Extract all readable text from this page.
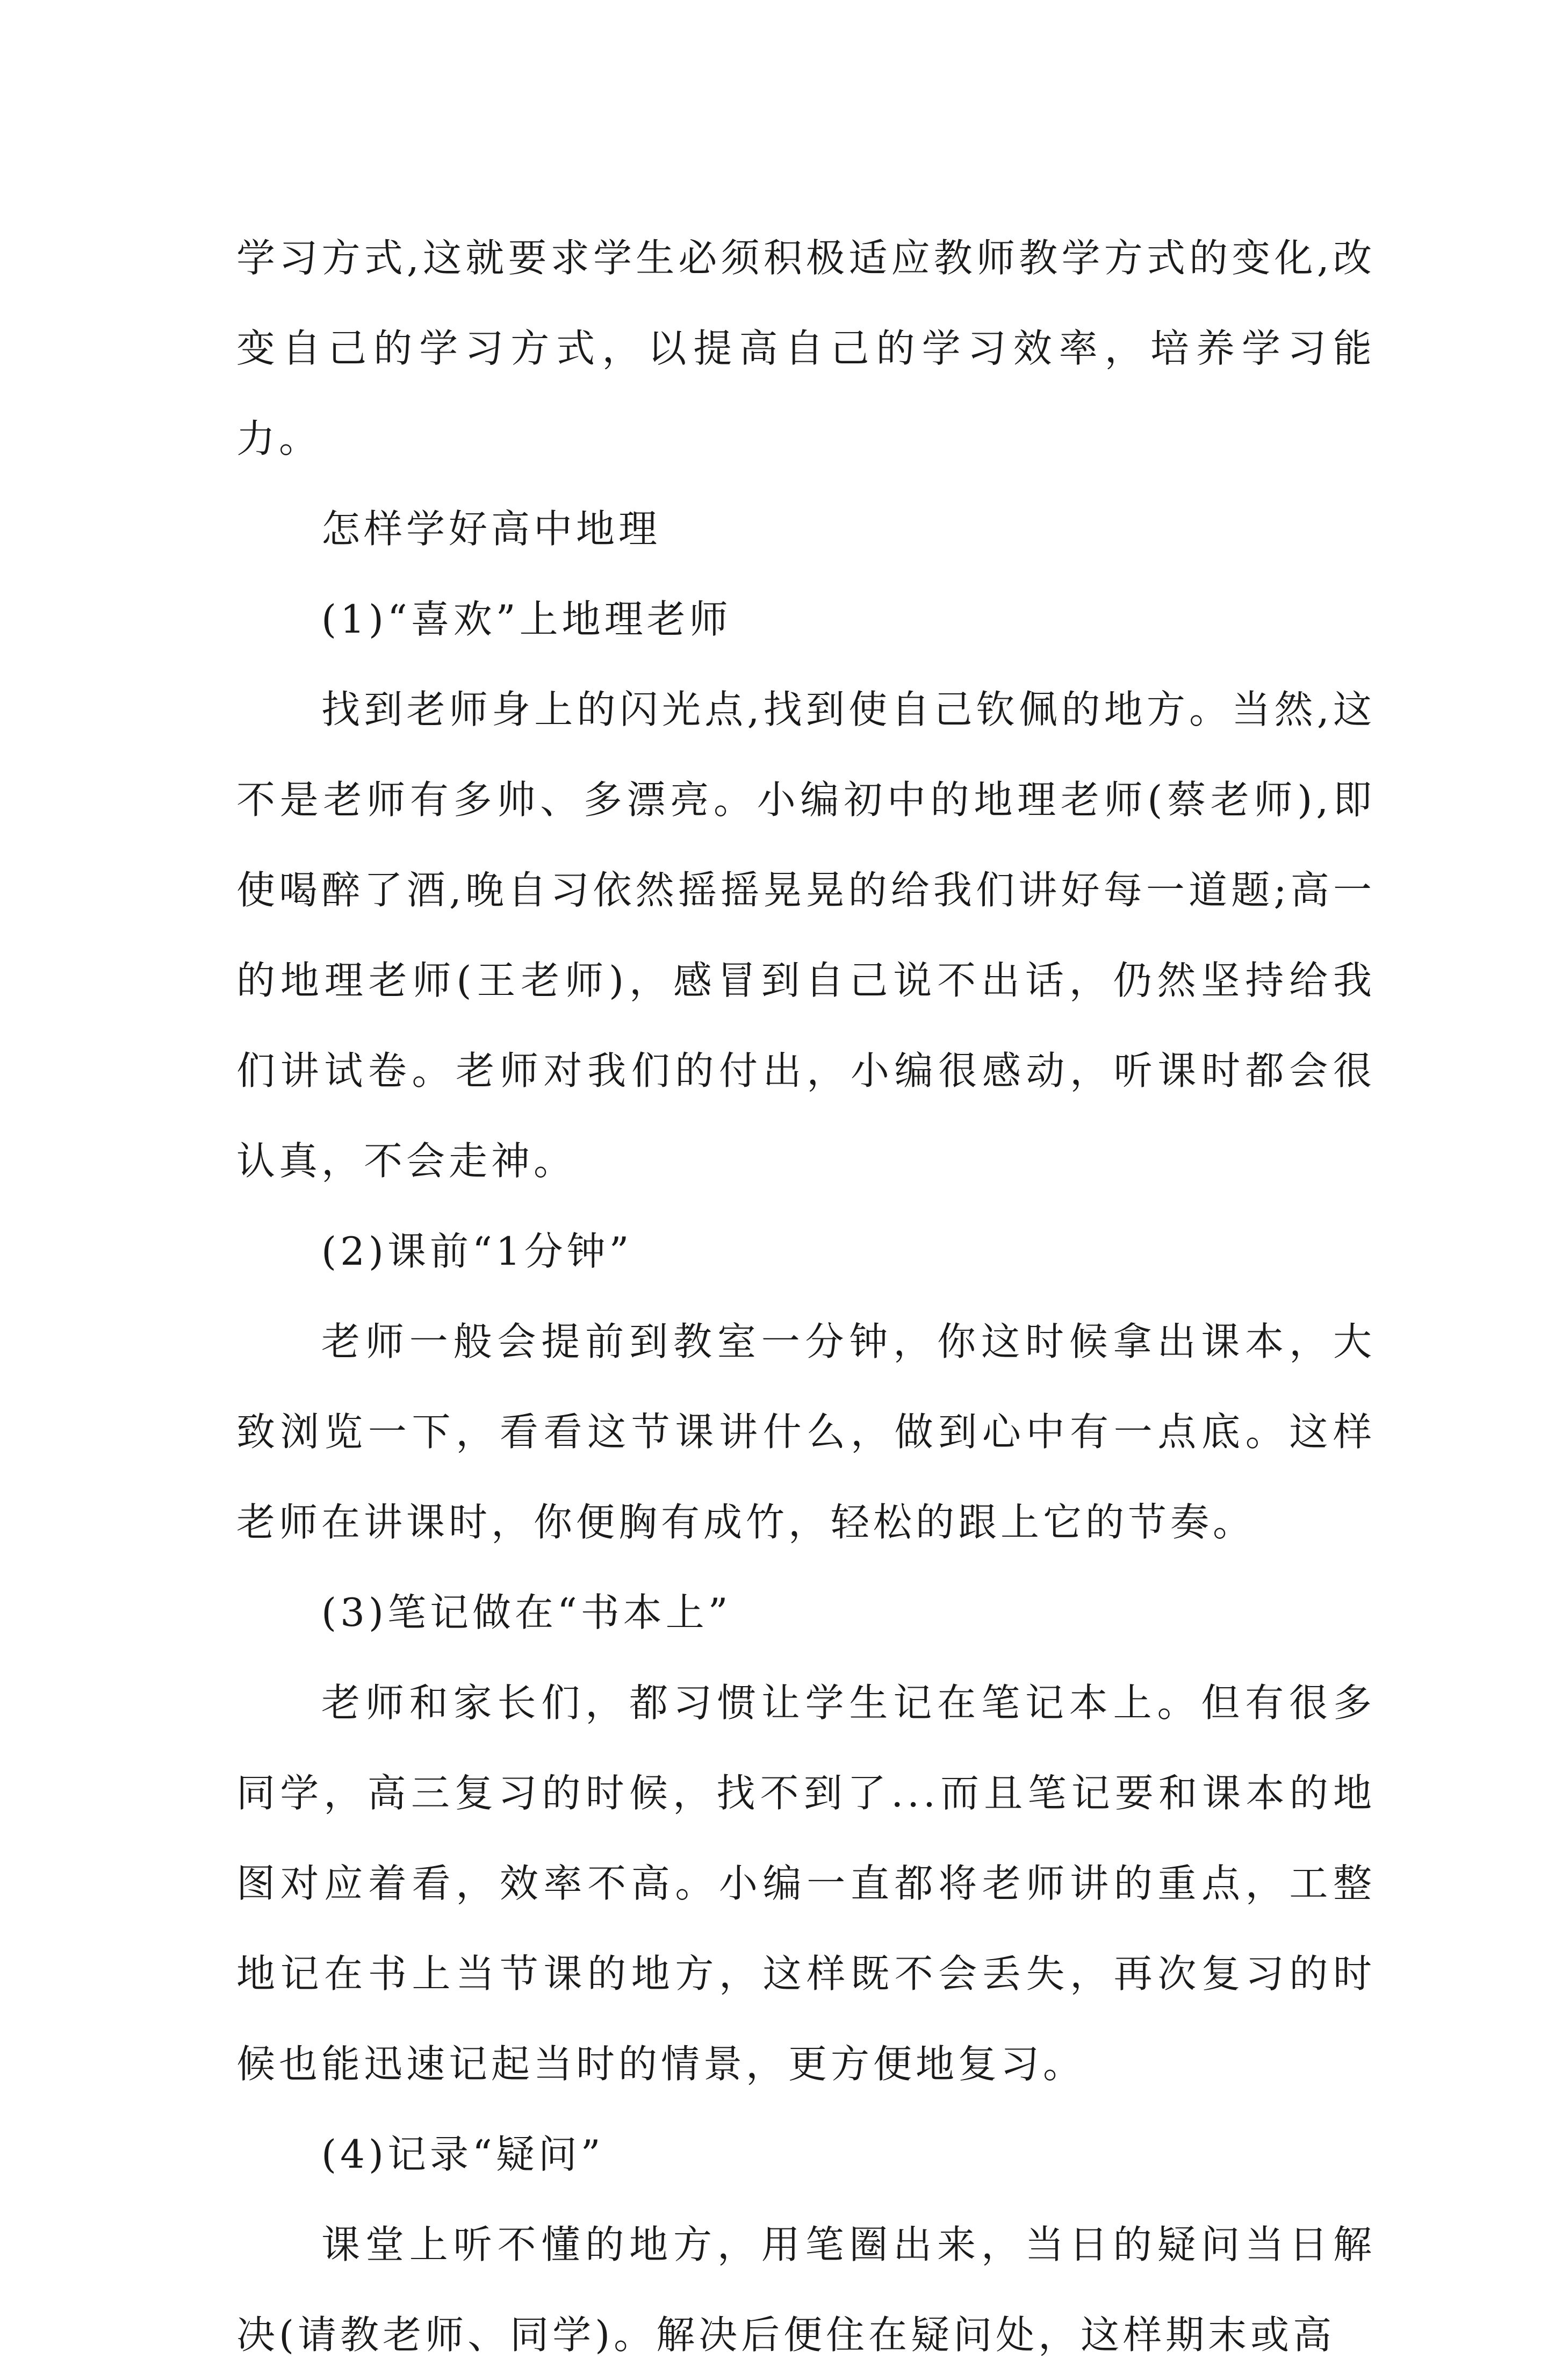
学习方式,这就要求学生必须积极适应教师教学方式的变化,改变自己的学习方式，以提高自己的学习效率，培养学习能力。

怎样学好高中地理

(1)“喜欢”上地理老师

找到老师身上的闪光点,找到使自己钦佩的地方。当然,这不是老师有多帅、多漂亮。小编初中的地理老师(蔡老师),即使喝醉了酒,晚自习依然摇摇晃晃的给我们讲好每一道题;高一的地理老师(王老师)，感冒到自己说不出话，仍然坚持给我们讲试卷。老师对我们的付出，小编很感动，听课时都会很认真，不会走神。

(2)课前“1分钟”

老师一般会提前到教室一分钟，你这时候拿出课本，大致浏览一下，看看这节课讲什么，做到心中有一点底。这样老师在讲课时，你便胸有成竹，轻松的跟上它的节奏。

(3)笔记做在“书本上”

老师和家长们，都习惯让学生记在笔记本上。但有很多同学，高三复习的时候，找不到了...而且笔记要和课本的地图对应着看，效率不高。小编一直都将老师讲的重点，工整地记在书上当节课的地方，这样既不会丢失，再次复习的时候也能迅速记起当时的情景，更方便地复习。

(4)记录“疑问”

课堂上听不懂的地方，用笔圈出来，当日的疑问当日解决(请教老师、同学)。解决后便住在疑问处，这样期末或高
